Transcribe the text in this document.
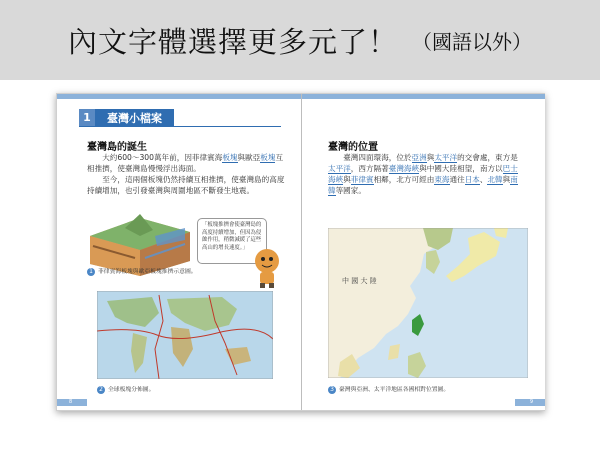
內文字體選擇更多元了！ （國語以外）
1	臺灣小檔案
臺灣島的誕生

大約600～300萬年前，因菲律賓海板塊與歐亞板塊互相推擠，使臺灣島慢慢浮出海面。

至今，這兩個板塊仍然持續互相推擠，使臺灣島的高度持續增加，也引發臺灣與周圍地區不斷發生地震。

「板塊推擠會使臺灣島的高度持續增加，但因為侵蝕作用，稍微減緩了這些高山的增長速度。」
1 菲律賓海板塊與歐亞板塊推擠示意圖。
2 全球板塊分佈圖。
8
臺灣的位置

臺灣四面環海，位於亞洲與太平洋的交會處，東方是太平洋，西方隔著臺灣海峽與中國大陸相望，南方以巴士海峽與菲律賓相鄰，北方可經由東海通往日本、北韓與南韓等國家。

中 國 大 陸
3 臺灣與亞洲、太平洋地區各國相對位置圖。
9
